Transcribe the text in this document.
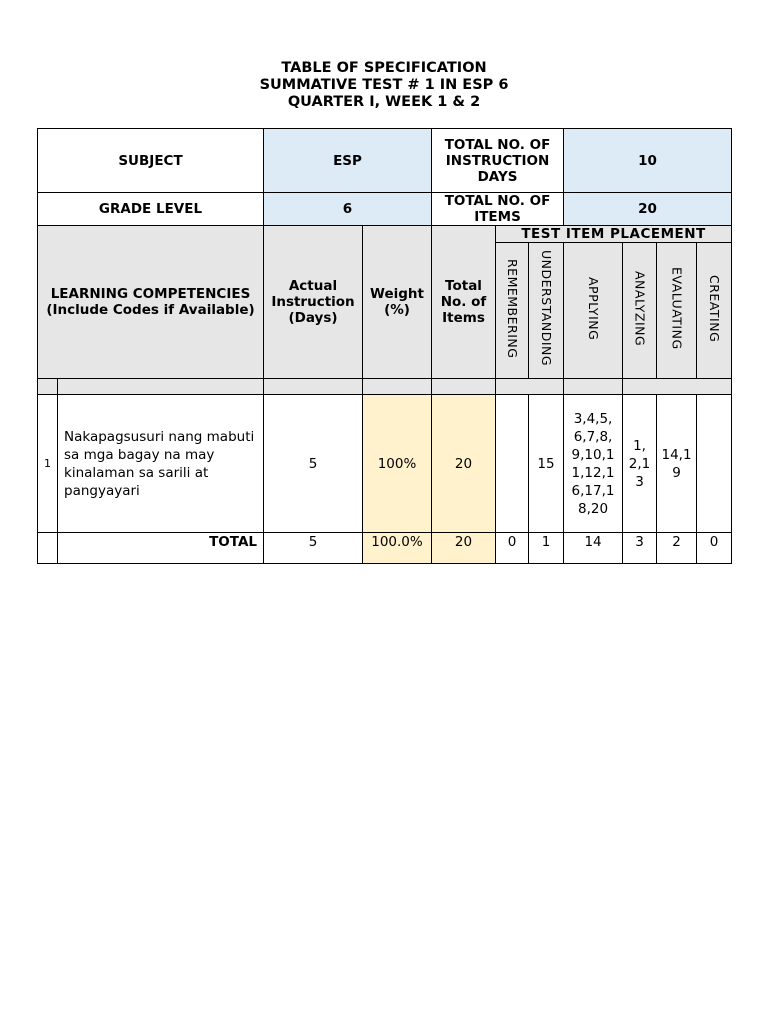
TABLE OF SPECIFICATION
SUMMATIVE TEST # 1 IN ESP 6
QUARTER I, WEEK 1 & 2
SUBJECT		ESP		TOTAL NO. OF INSTRUCTION DAYS			10			
GRADE LEVEL		6		TOTAL NO. OF ITEMS			20			
LEARNING COMPETENCIES (Include Codes if Available)		Actual Instruction (Days)	Weight (%)	Total No. of Items	TEST ITEM PLACEMENT					
					REMEMBERING	UNDERSTANDING	APPLYING	ANALYZING	EVALUATING	CREATING

1	Nakapagsusuri nang mabuti sa mga bagay na may kinalaman sa sarili at pangyayari	5	100%	20		15	3,4,5,6,7,8,9,10,11,12,16,17,18,20	1,2,13	14,19	
	TOTAL	5	100.0%	20	0	1	14	3	2	0
